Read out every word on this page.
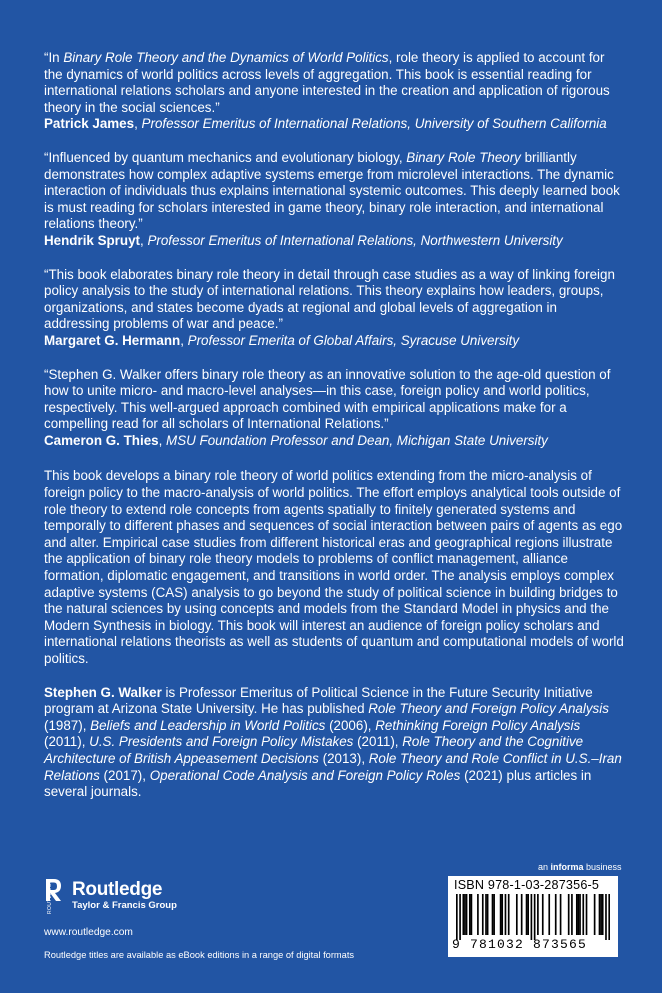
“In Binary Role Theory and the Dynamics of World Politics, role theory is applied to account for the dynamics of world politics across levels of aggregation. This book is essential reading for international relations scholars and anyone interested in the creation and application of rigorous theory in the social sciences.”
Patrick James, Professor Emeritus of International Relations, University of Southern California
“Influenced by quantum mechanics and evolutionary biology, Binary Role Theory brilliantly demonstrates how complex adaptive systems emerge from microlevel interactions. The dynamic interaction of individuals thus explains international systemic outcomes. This deeply learned book is must reading for scholars interested in game theory, binary role interaction, and international relations theory.”
Hendrik Spruyt, Professor Emeritus of International Relations, Northwestern University
“This book elaborates binary role theory in detail through case studies as a way of linking foreign policy analysis to the study of international relations. This theory explains how leaders, groups, organizations, and states become dyads at regional and global levels of aggregation in addressing problems of war and peace.”
Margaret G. Hermann, Professor Emerita of Global Affairs, Syracuse University
“Stephen G. Walker offers binary role theory as an innovative solution to the age-old question of how to unite micro- and macro-level analyses—in this case, foreign policy and world politics, respectively. This well-argued approach combined with empirical applications make for a compelling read for all scholars of International Relations.”
Cameron G. Thies, MSU Foundation Professor and Dean, Michigan State University

This book develops a binary role theory of world politics extending from the micro-analysis of foreign policy to the macro-analysis of world politics. The effort employs analytical tools outside of role theory to extend role concepts from agents spatially to finitely generated systems and temporally to different phases and sequences of social interaction between pairs of agents as ego and alter. Empirical case studies from different historical eras and geographical regions illustrate the application of binary role theory models to problems of conflict management, alliance formation, diplomatic engagement, and transitions in world order. The analysis employs complex adaptive systems (CAS) analysis to go beyond the study of political science in building bridges to the natural sciences by using concepts and models from the Standard Model in physics and the Modern Synthesis in biology. This book will interest an audience of foreign policy scholars and international relations theorists as well as students of quantum and computational models of world politics.

Stephen G. Walker is Professor Emeritus of Political Science in the Future Security Initiative program at Arizona State University. He has published Role Theory and Foreign Policy Analysis (1987), Beliefs and Leadership in World Politics (2006), Rethinking Foreign Policy Analysis (2011), U.S. Presidents and Foreign Policy Mistakes (2011), Role Theory and the Cognitive Architecture of British Appeasement Decisions (2013), Role Theory and Role Conflict in U.S.–Iran Relations (2017), Operational Code Analysis and Foreign Policy Roles (2021) plus articles in several journals.

ROUTLEDGE Routledge
Taylor & Francis Group
www.routledge.com
Routledge titles are available as eBook editions in a range of digital formats
an informa business
ISBN 978-1-03-287356-5
9 781032 873565
